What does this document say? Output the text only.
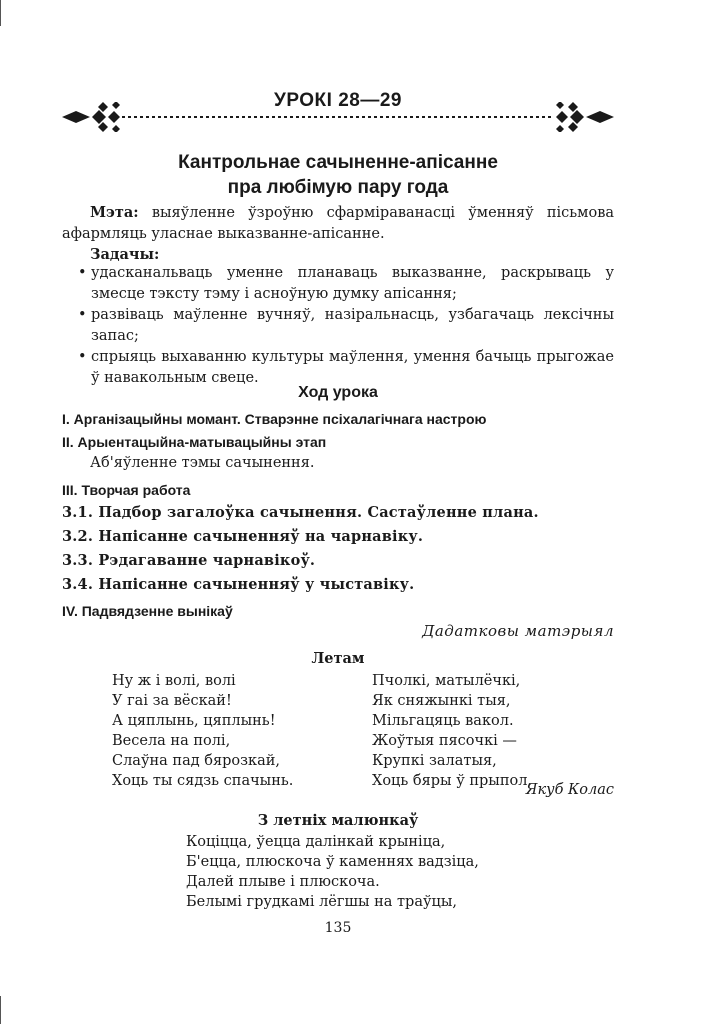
УРОКІ 28—29
Кантрольнае сачыненне-апісанне
пра любімую пару года
Мэта: выяўленне ўзроўню сфарміраванасці ўменняў пісьмова афармляць уласнае выказванне-апісанне.
Задачы:
• удасканальваць уменне планаваць выказванне, раскрываць у змесце тэксту тэму і асноўную думку апісання;
• развіваць маўленне вучняў, назіральнасць, узбагачаць лексічны запас;
• спрыяць выхаванню культуры маўлення, умення бачыць прыгожае ў навакольным свеце.
Ход урока
I. Арганізацыйны момант. Стварэнне псіхалагічнага настрою
II. Арыентацыйна-матывацыйны этап
Аб'яўленне тэмы сачынення.
III. Творчая работа
3.1. Падбор загалоўка сачынення. Састаўленне плана.
3.2. Напісанне сачыненняў на чарнавіку.
3.3. Рэдагаванне чарнавікоў.
3.4. Напісанне сачыненняў у чыставіку.
IV. Падвядзенне вынікаў
Дадатковы матэрыял
Летам
Ну ж і волі, волі
У гаі за вёскай!
А цяплынь, цяплынь!
Весела на полі,
Слаўна пад бярозкай,
Хоць ты сядзь спачынь.
Пчолкі, матылёчкі,
Як сняжынкі тыя,
Мільгацяць вакол.
Жоўтыя пясочкі —
Крупкі залатыя,
Хоць бяры ў прыпол.
Якуб Колас
З летніх малюнкаў
Коціцца, ўецца далінкай крыніца,
Б'ецца, плюскоча ў каменнях вадзіца,
Далей плыве і плюскоча.
Белымі грудкамі лёгшы на траўцы,
135
